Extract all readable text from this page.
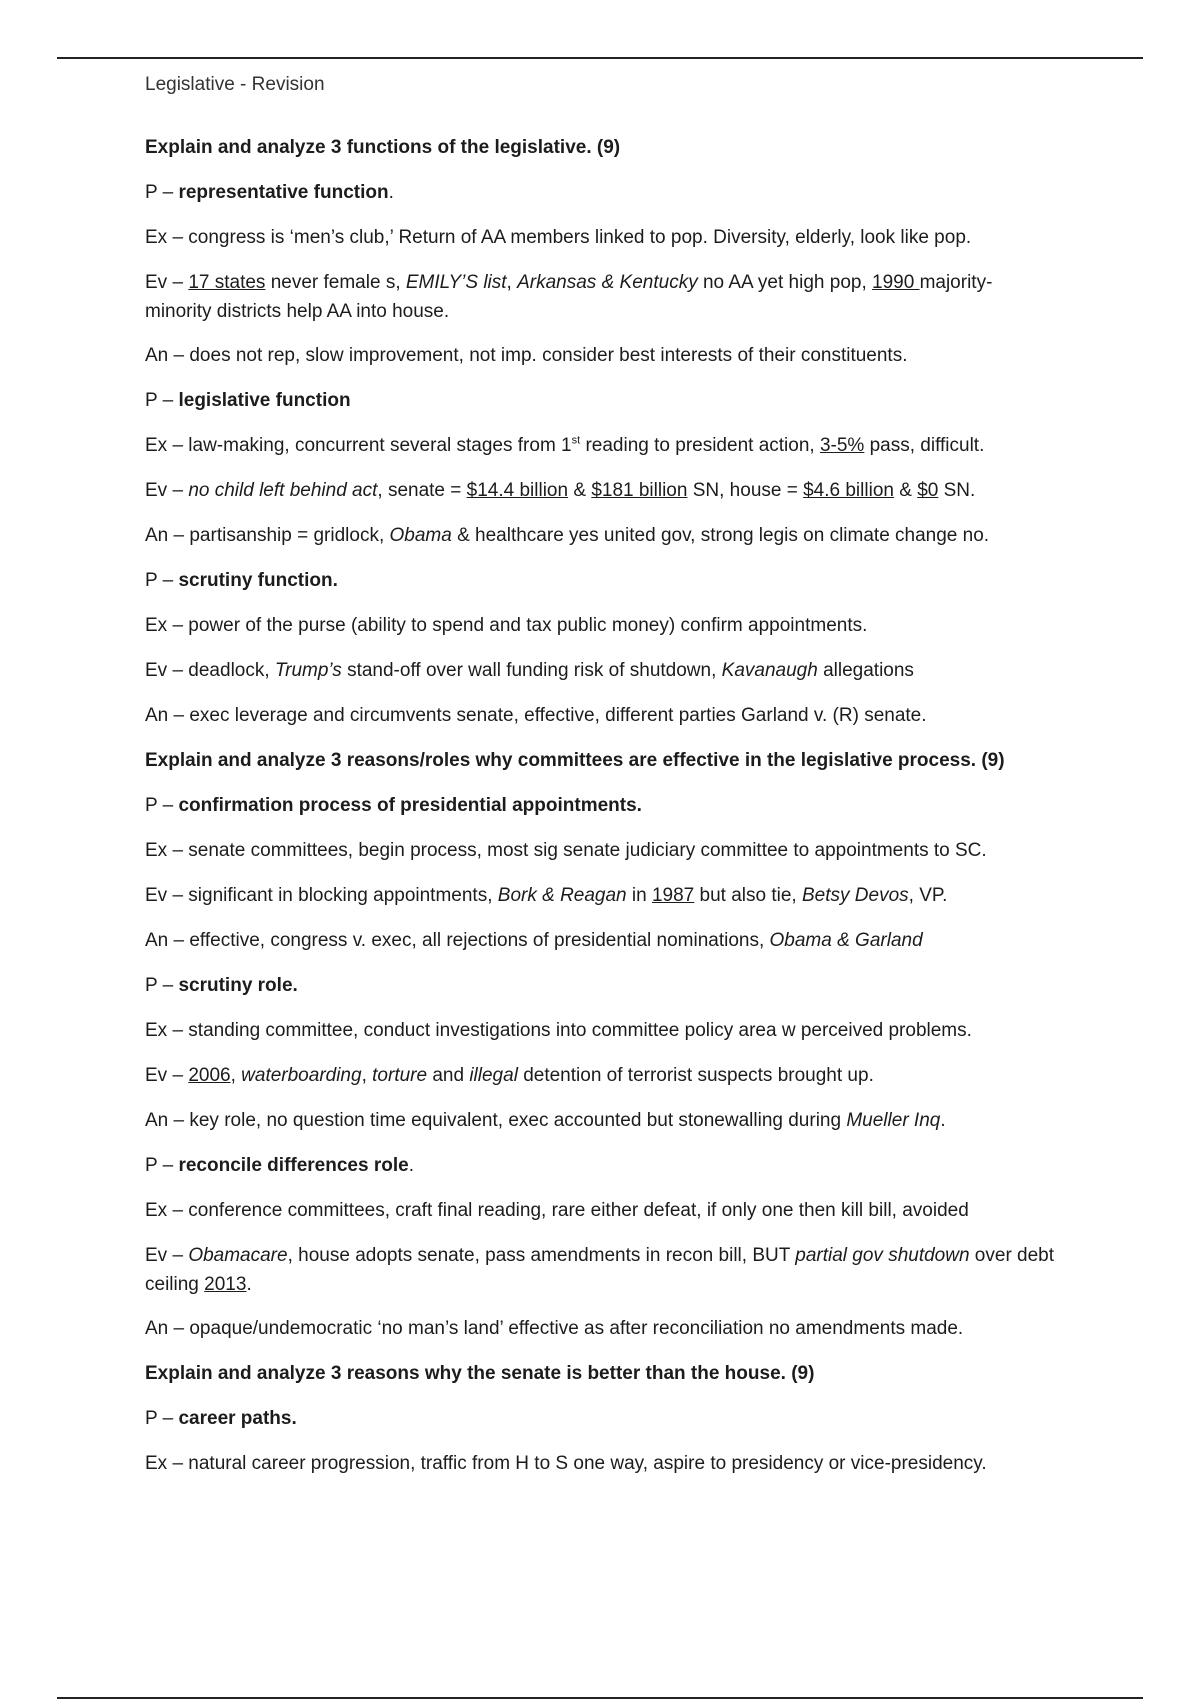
Legislative - Revision
Explain and analyze 3 functions of the legislative. (9)
P – representative function.
Ex – congress is ‘men’s club,’ Return of AA members linked to pop. Diversity, elderly, look like pop.
Ev – 17 states never female s, EMILY’S list, Arkansas & Kentucky no AA yet high pop, 1990 majority-minority districts help AA into house.
An – does not rep, slow improvement, not imp. consider best interests of their constituents.
P – legislative function
Ex – law-making, concurrent several stages from 1st reading to president action, 3-5% pass, difficult.
Ev – no child left behind act, senate = $14.4 billion & $181 billion SN, house = $4.6 billion & $0 SN.
An – partisanship = gridlock, Obama & healthcare yes united gov, strong legis on climate change no.
P – scrutiny function.
Ex – power of the purse (ability to spend and tax public money) confirm appointments.
Ev – deadlock, Trump’s stand-off over wall funding risk of shutdown, Kavanaugh allegations
An – exec leverage and circumvents senate, effective, different parties Garland v. (R) senate.
Explain and analyze 3 reasons/roles why committees are effective in the legislative process. (9)
P – confirmation process of presidential appointments.
Ex – senate committees, begin process, most sig senate judiciary committee to appointments to SC.
Ev – significant in blocking appointments, Bork & Reagan in 1987 but also tie, Betsy Devos, VP.
An – effective, congress v. exec, all rejections of presidential nominations, Obama & Garland
P – scrutiny role.
Ex – standing committee, conduct investigations into committee policy area w perceived problems.
Ev – 2006, waterboarding, torture and illegal detention of terrorist suspects brought up.
An – key role, no question time equivalent, exec accounted but stonewalling during Mueller Inq.
P – reconcile differences role.
Ex – conference committees, craft final reading, rare either defeat, if only one then kill bill, avoided
Ev – Obamacare, house adopts senate, pass amendments in recon bill, BUT partial gov shutdown over debt ceiling 2013.
An – opaque/undemocratic ‘no man’s land’ effective as after reconciliation no amendments made.
Explain and analyze 3 reasons why the senate is better than the house. (9)
P – career paths.
Ex – natural career progression, traffic from H to S one way, aspire to presidency or vice-presidency.
